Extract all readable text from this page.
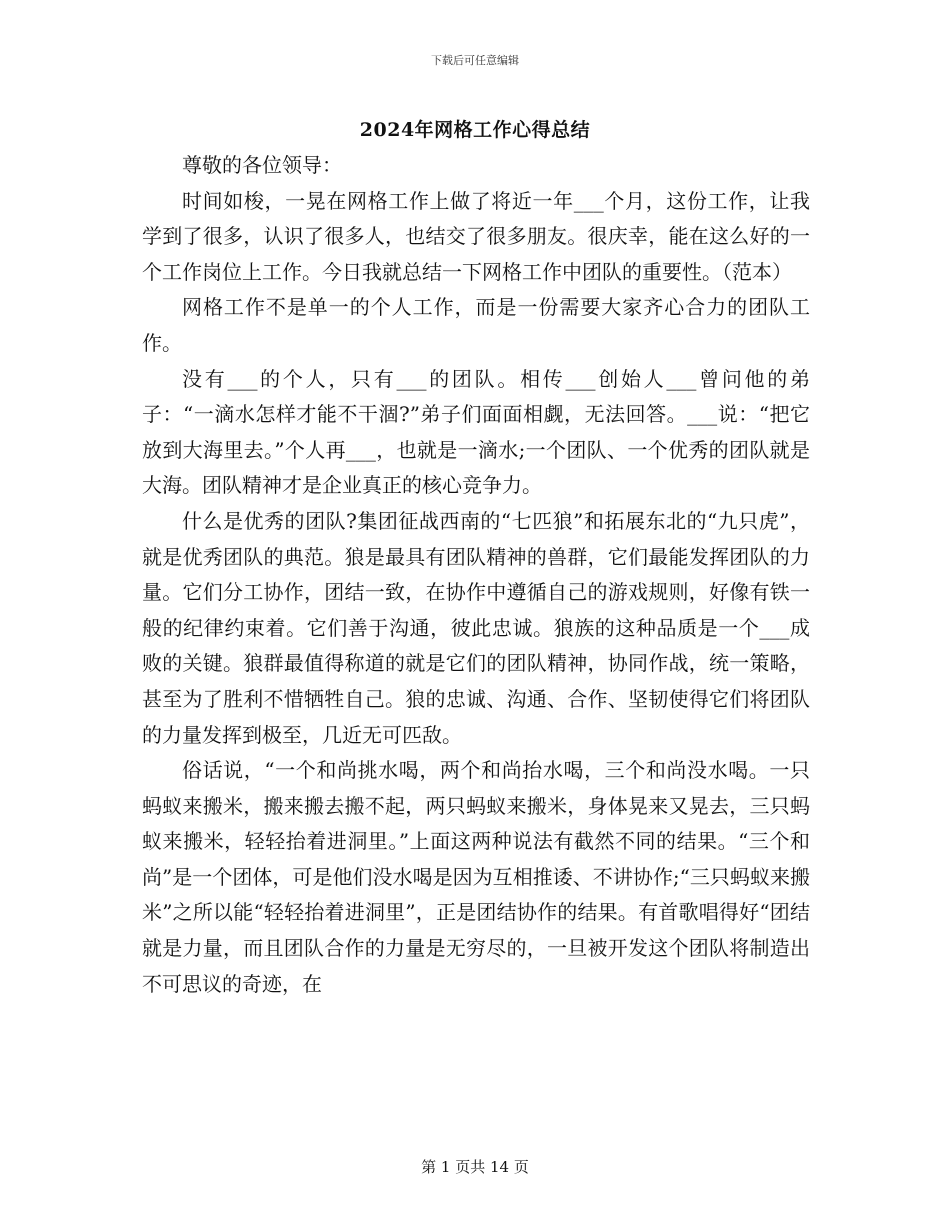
下载后可任意编辑
2024年网格工作心得总结

尊敬的各位领导：

时间如梭，一晃在网格工作上做了将近一年___个月，这份工作，让我学到了很多，认识了很多人，也结交了很多朋友。很庆幸，能在这么好的一个工作岗位上工作。今日我就总结一下网格工作中团队的重要性。（范本）

网格工作不是单一的个人工作，而是一份需要大家齐心合力的团队工作。

没有___的个人，只有___的团队。相传___创始人___曾问他的弟子：“一滴水怎样才能不干涸?”弟子们面面相觑，无法回答。___说：“把它放到大海里去。”个人再___，也就是一滴水;一个团队、一个优秀的团队就是大海。团队精神才是企业真正的核心竞争力。

什么是优秀的团队?集团征战西南的“七匹狼”和拓展东北的“九只虎”，就是优秀团队的典范。狼是最具有团队精神的兽群，它们最能发挥团队的力量。它们分工协作，团结一致，在协作中遵循自己的游戏规则，好像有铁一般的纪律约束着。它们善于沟通，彼此忠诚。狼族的这种品质是一个___成败的关键。狼群最值得称道的就是它们的团队精神，协同作战，统一策略，甚至为了胜利不惜牺牲自己。狼的忠诚、沟通、合作、坚韧使得它们将团队的力量发挥到极至，几近无可匹敌。

俗话说，“一个和尚挑水喝，两个和尚抬水喝，三个和尚没水喝。一只蚂蚁来搬米，搬来搬去搬不起，两只蚂蚁来搬米，身体晃来又晃去，三只蚂蚁来搬米，轻轻抬着进洞里。”上面这两种说法有截然不同的结果。“三个和尚”是一个团体，可是他们没水喝是因为互相推诿、不讲协作;“三只蚂蚁来搬米”之所以能“轻轻抬着进洞里”，正是团结协作的结果。有首歌唱得好“团结就是力量，而且团队合作的力量是无穷尽的，一旦被开发这个团队将制造出不可思议的奇迹，在

第 1 页共 14 页
